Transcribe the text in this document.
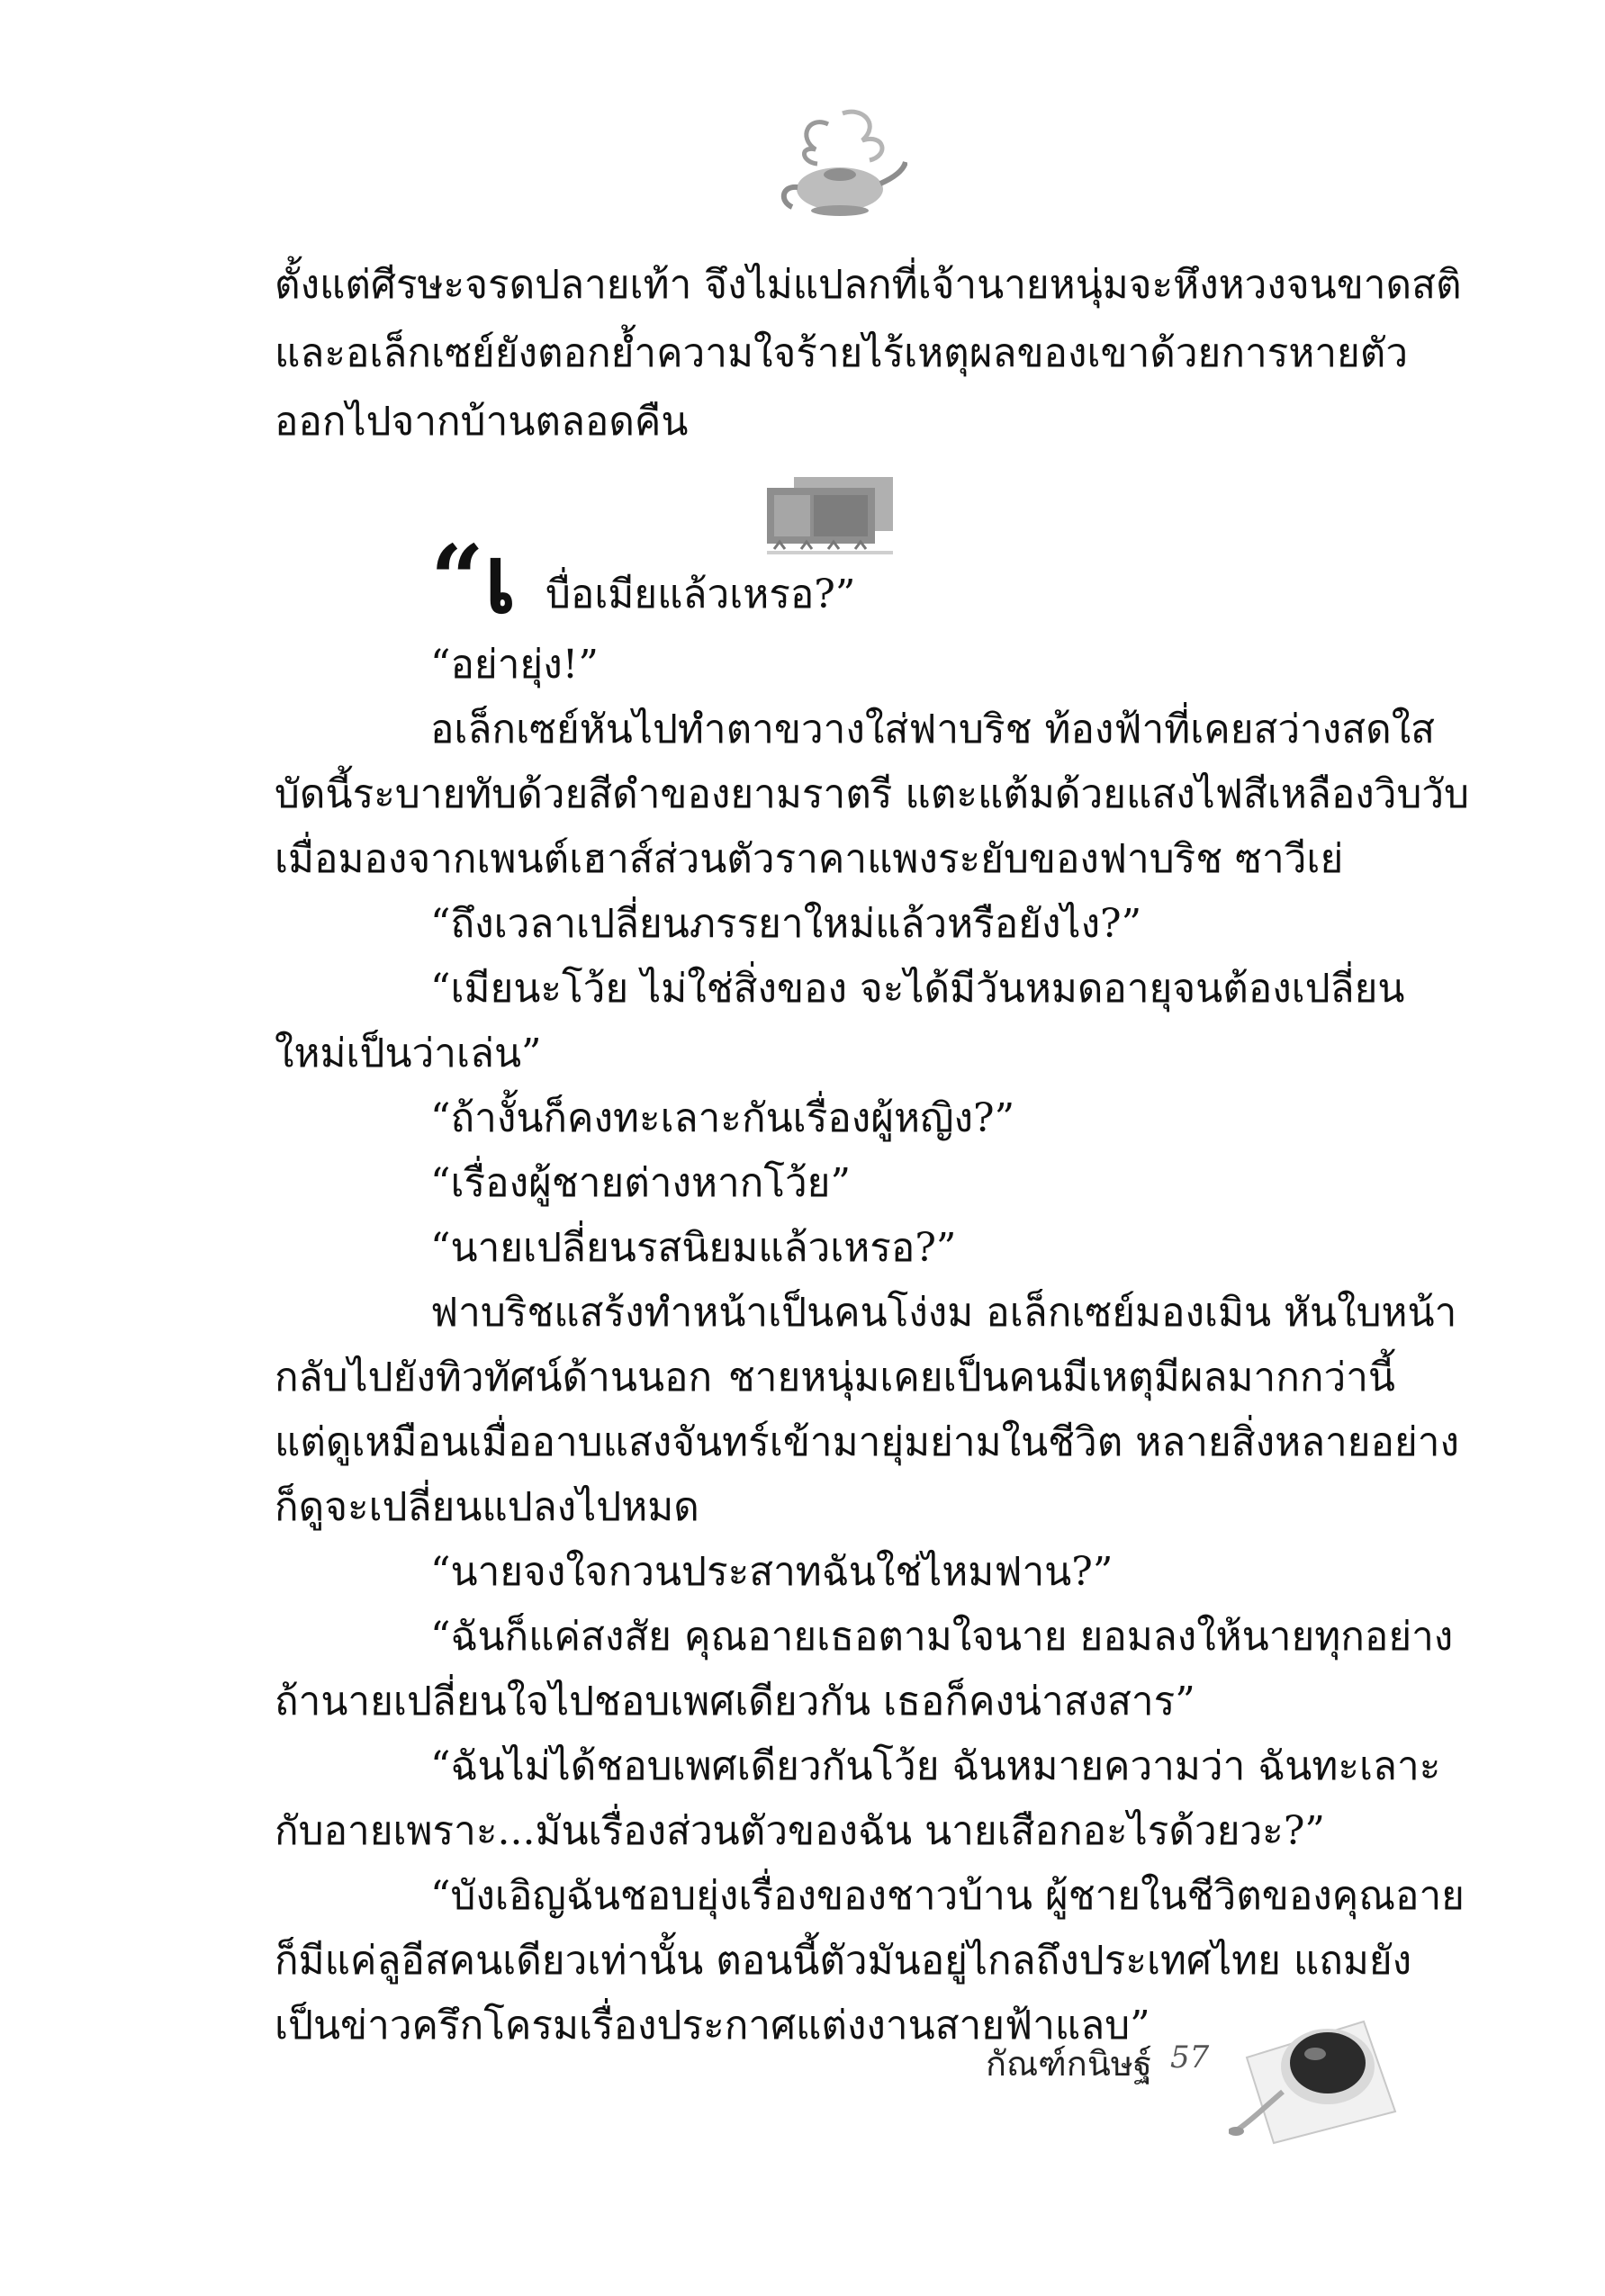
ตั้งแต่ศีรษะจรดปลายเท้า จึงไม่แปลกที่เจ้านายหนุ่มจะหึงหวงจนขาดสติ
และอเล็กเซย์ยังตอกย้ำความใจร้ายไร้เหตุผลของเขาด้วยการหายตัว
ออกไปจากบ้านตลอดคืน
“เ บื่อเมียแล้วเหรอ?”
“อย่ายุ่ง!”
อเล็กเซย์หันไปทำตาขวางใส่ฟาบริช ท้องฟ้าที่เคยสว่างสดใส
บัดนี้ระบายทับด้วยสีดำของยามราตรี แตะแต้มด้วยแสงไฟสีเหลืองวิบวับ
เมื่อมองจากเพนต์เฮาส์ส่วนตัวราคาแพงระยับของฟาบริช ซาวีเย่
“ถึงเวลาเปลี่ยนภรรยาใหม่แล้วหรือยังไง?”
“เมียนะโว้ย ไม่ใช่สิ่งของ จะได้มีวันหมดอายุจนต้องเปลี่ยน
ใหม่เป็นว่าเล่น”
“ถ้างั้นก็คงทะเลาะกันเรื่องผู้หญิง?”
“เรื่องผู้ชายต่างหากโว้ย”
“นายเปลี่ยนรสนิยมแล้วเหรอ?”
ฟาบริชแสร้งทำหน้าเป็นคนโง่งม อเล็กเซย์มองเมิน หันใบหน้า
กลับไปยังทิวทัศน์ด้านนอก ชายหนุ่มเคยเป็นคนมีเหตุมีผลมากกว่านี้
แต่ดูเหมือนเมื่ออาบแสงจันทร์เข้ามายุ่มย่ามในชีวิต หลายสิ่งหลายอย่าง
ก็ดูจะเปลี่ยนแปลงไปหมด
“นายจงใจกวนประสาทฉันใช่ไหมฟาน?”
“ฉันก็แค่สงสัย คุณอายเธอตามใจนาย ยอมลงให้นายทุกอย่าง
ถ้านายเปลี่ยนใจไปชอบเพศเดียวกัน เธอก็คงน่าสงสาร”
“ฉันไม่ได้ชอบเพศเดียวกันโว้ย ฉันหมายความว่า ฉันทะเลาะ
กับอายเพราะ...มันเรื่องส่วนตัวของฉัน นายเสือกอะไรด้วยวะ?”
“บังเอิญฉันชอบยุ่งเรื่องของชาวบ้าน ผู้ชายในชีวิตของคุณอาย
ก็มีแค่ลูอีสคนเดียวเท่านั้น ตอนนี้ตัวมันอยู่ไกลถึงประเทศไทย แถมยัง
เป็นข่าวครึกโครมเรื่องประกาศแต่งงานสายฟ้าแลบ”
กัณฑ์กนิษฐ์ 57
